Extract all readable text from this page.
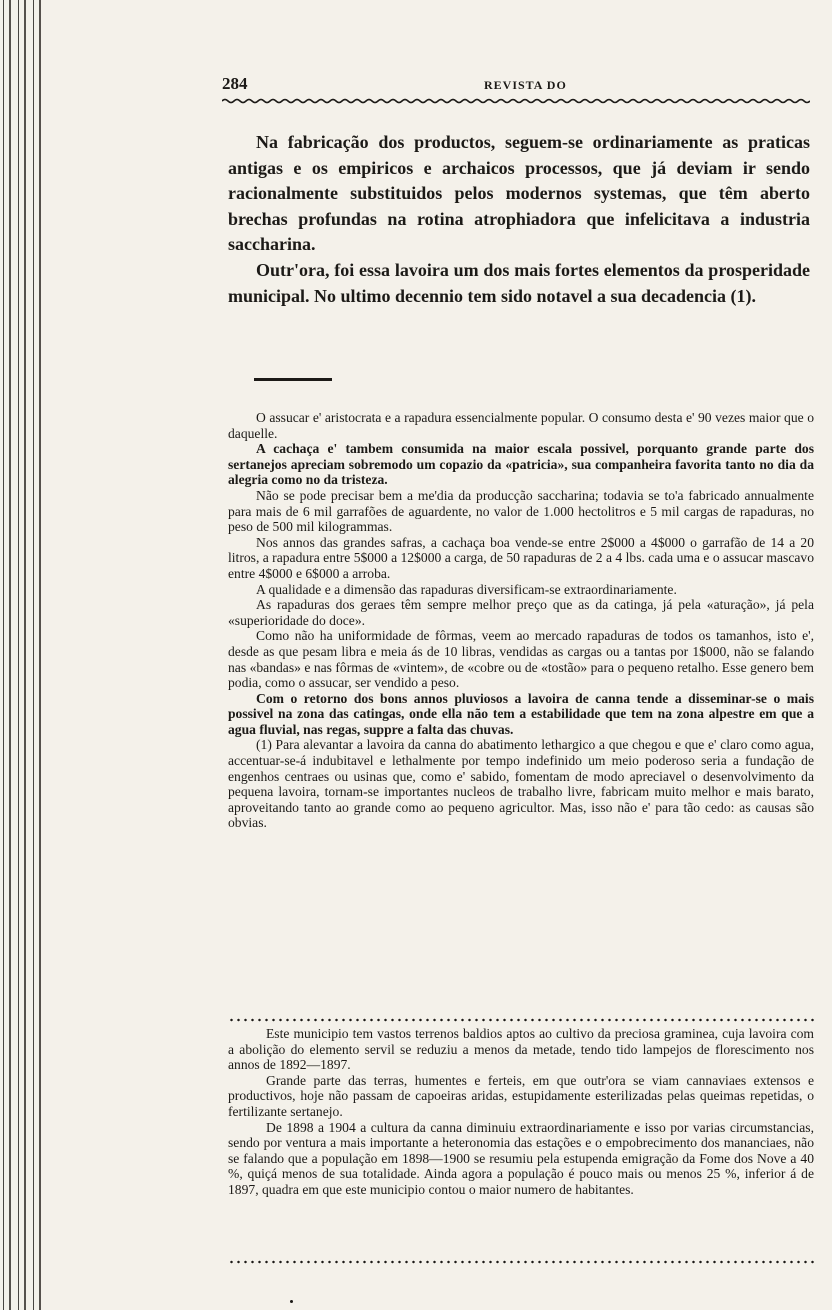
284	REVISTA DO

Na fabricação dos productos, seguem-se ordinariamente as praticas antigas e os empiricos e archaicos processos, que já deviam ir sendo racionalmente substituidos pelos modernos systemas, que têm aberto brechas profundas na rotina atrophiadora que infelicitava a industria saccharina.

Outr'ora, foi essa lavoira um dos mais fortes elementos da prosperidade municipal. No ultimo decennio tem sido notavel a sua decadencia (1).

O assucar e' aristocrata e a rapadura essencialmente popular. O consumo desta e' 90 vezes maior que o daquelle.

A cachaça e' tambem consumida na maior escala possivel, porquanto grande parte dos sertanejos apreciam sobremodo um copazio da «patricia», sua companheira favorita tanto no dia da alegria como no da tristeza.

Não se pode precisar bem a me'dia da producção saccharina; todavia se to'a fabricado annualmente para mais de 6 mil garrafões de aguardente, no valor de 1.000 hectolitros e 5 mil cargas de rapaduras, no peso de 500 mil kilogrammas.

Nos annos das grandes safras, a cachaça boa vende-se entre 2$000 a 4$000 o garrafão de 14 a 20 litros, a rapadura entre 5$000 a 12$000 a carga, de 50 rapaduras de 2 a 4 lbs. cada uma e o assucar mascavo entre 4$000 e 6$000 a arroba.

A qualidade e a dimensão das rapaduras diversificam-se extraordinariamente.

As rapaduras dos geraes têm sempre melhor preço que as da catinga, já pela «aturação», já pela «superioridade do doce».

Como não ha uniformidade de fôrmas, veem ao mercado rapaduras de todos os tamanhos, isto e', desde as que pesam libra e meia ás de 10 libras, vendidas as cargas ou a tantas por 1$000, não se falando nas «bandas» e nas fôrmas de «vintem», de «cobre ou de «tostão» para o pequeno retalho. Esse genero bem podia, como o assucar, ser vendido a peso.

Com o retorno dos bons annos pluviosos a lavoira de canna tende a disseminar-se o mais possivel na zona das catingas, onde ella não tem a estabilidade que tem na zona alpestre em que a agua fluvial, nas regas, suppre a falta das chuvas.

(1) Para alevantar a lavoira da canna do abatimento lethargico a que chegou e que e' claro como agua, accentuar-se-á indubitavel e lethalmente por tempo indefinido um meio poderoso seria a fundação de engenhos centraes ou usinas que, como e' sabido, fomentam de modo apreciavel o desenvolvimento da pequena lavoira, tornam-se importantes nucleos de trabalho livre, fabricam muito melhor e mais barato, aproveitando tanto ao grande como ao pequeno agricultor. Mas, isso não e' para tão cedo: as causas são obvias.

Este municipio tem vastos terrenos baldios aptos ao cultivo da preciosa graminea, cuja lavoira com a abolição do elemento servil se reduziu a menos da metade, tendo tido lampejos de florescimento nos annos de 1892—1897.

Grande parte das terras, humentes e ferteis, em que outr'ora se viam cannaviaes extensos e productivos, hoje não passam de capoeiras aridas, estupidamente esterilizadas pelas queimas repetidas, o fertilizante sertanejo.

De 1898 a 1904 a cultura da canna diminuiu extraordinariamente e isso por varias circumstancias, sendo por ventura a mais importante a heteronomia das estações e o empobrecimento dos mananciaes, não se falando que a população em 1898—1900 se resumiu pela estupenda emigração da Fome dos Nove a 40 %, quiçá menos de sua totalidade. Ainda agora a população é pouco mais ou menos 25 %, inferior á de 1897, quadra em que este municipio contou o maior numero de habitantes.
